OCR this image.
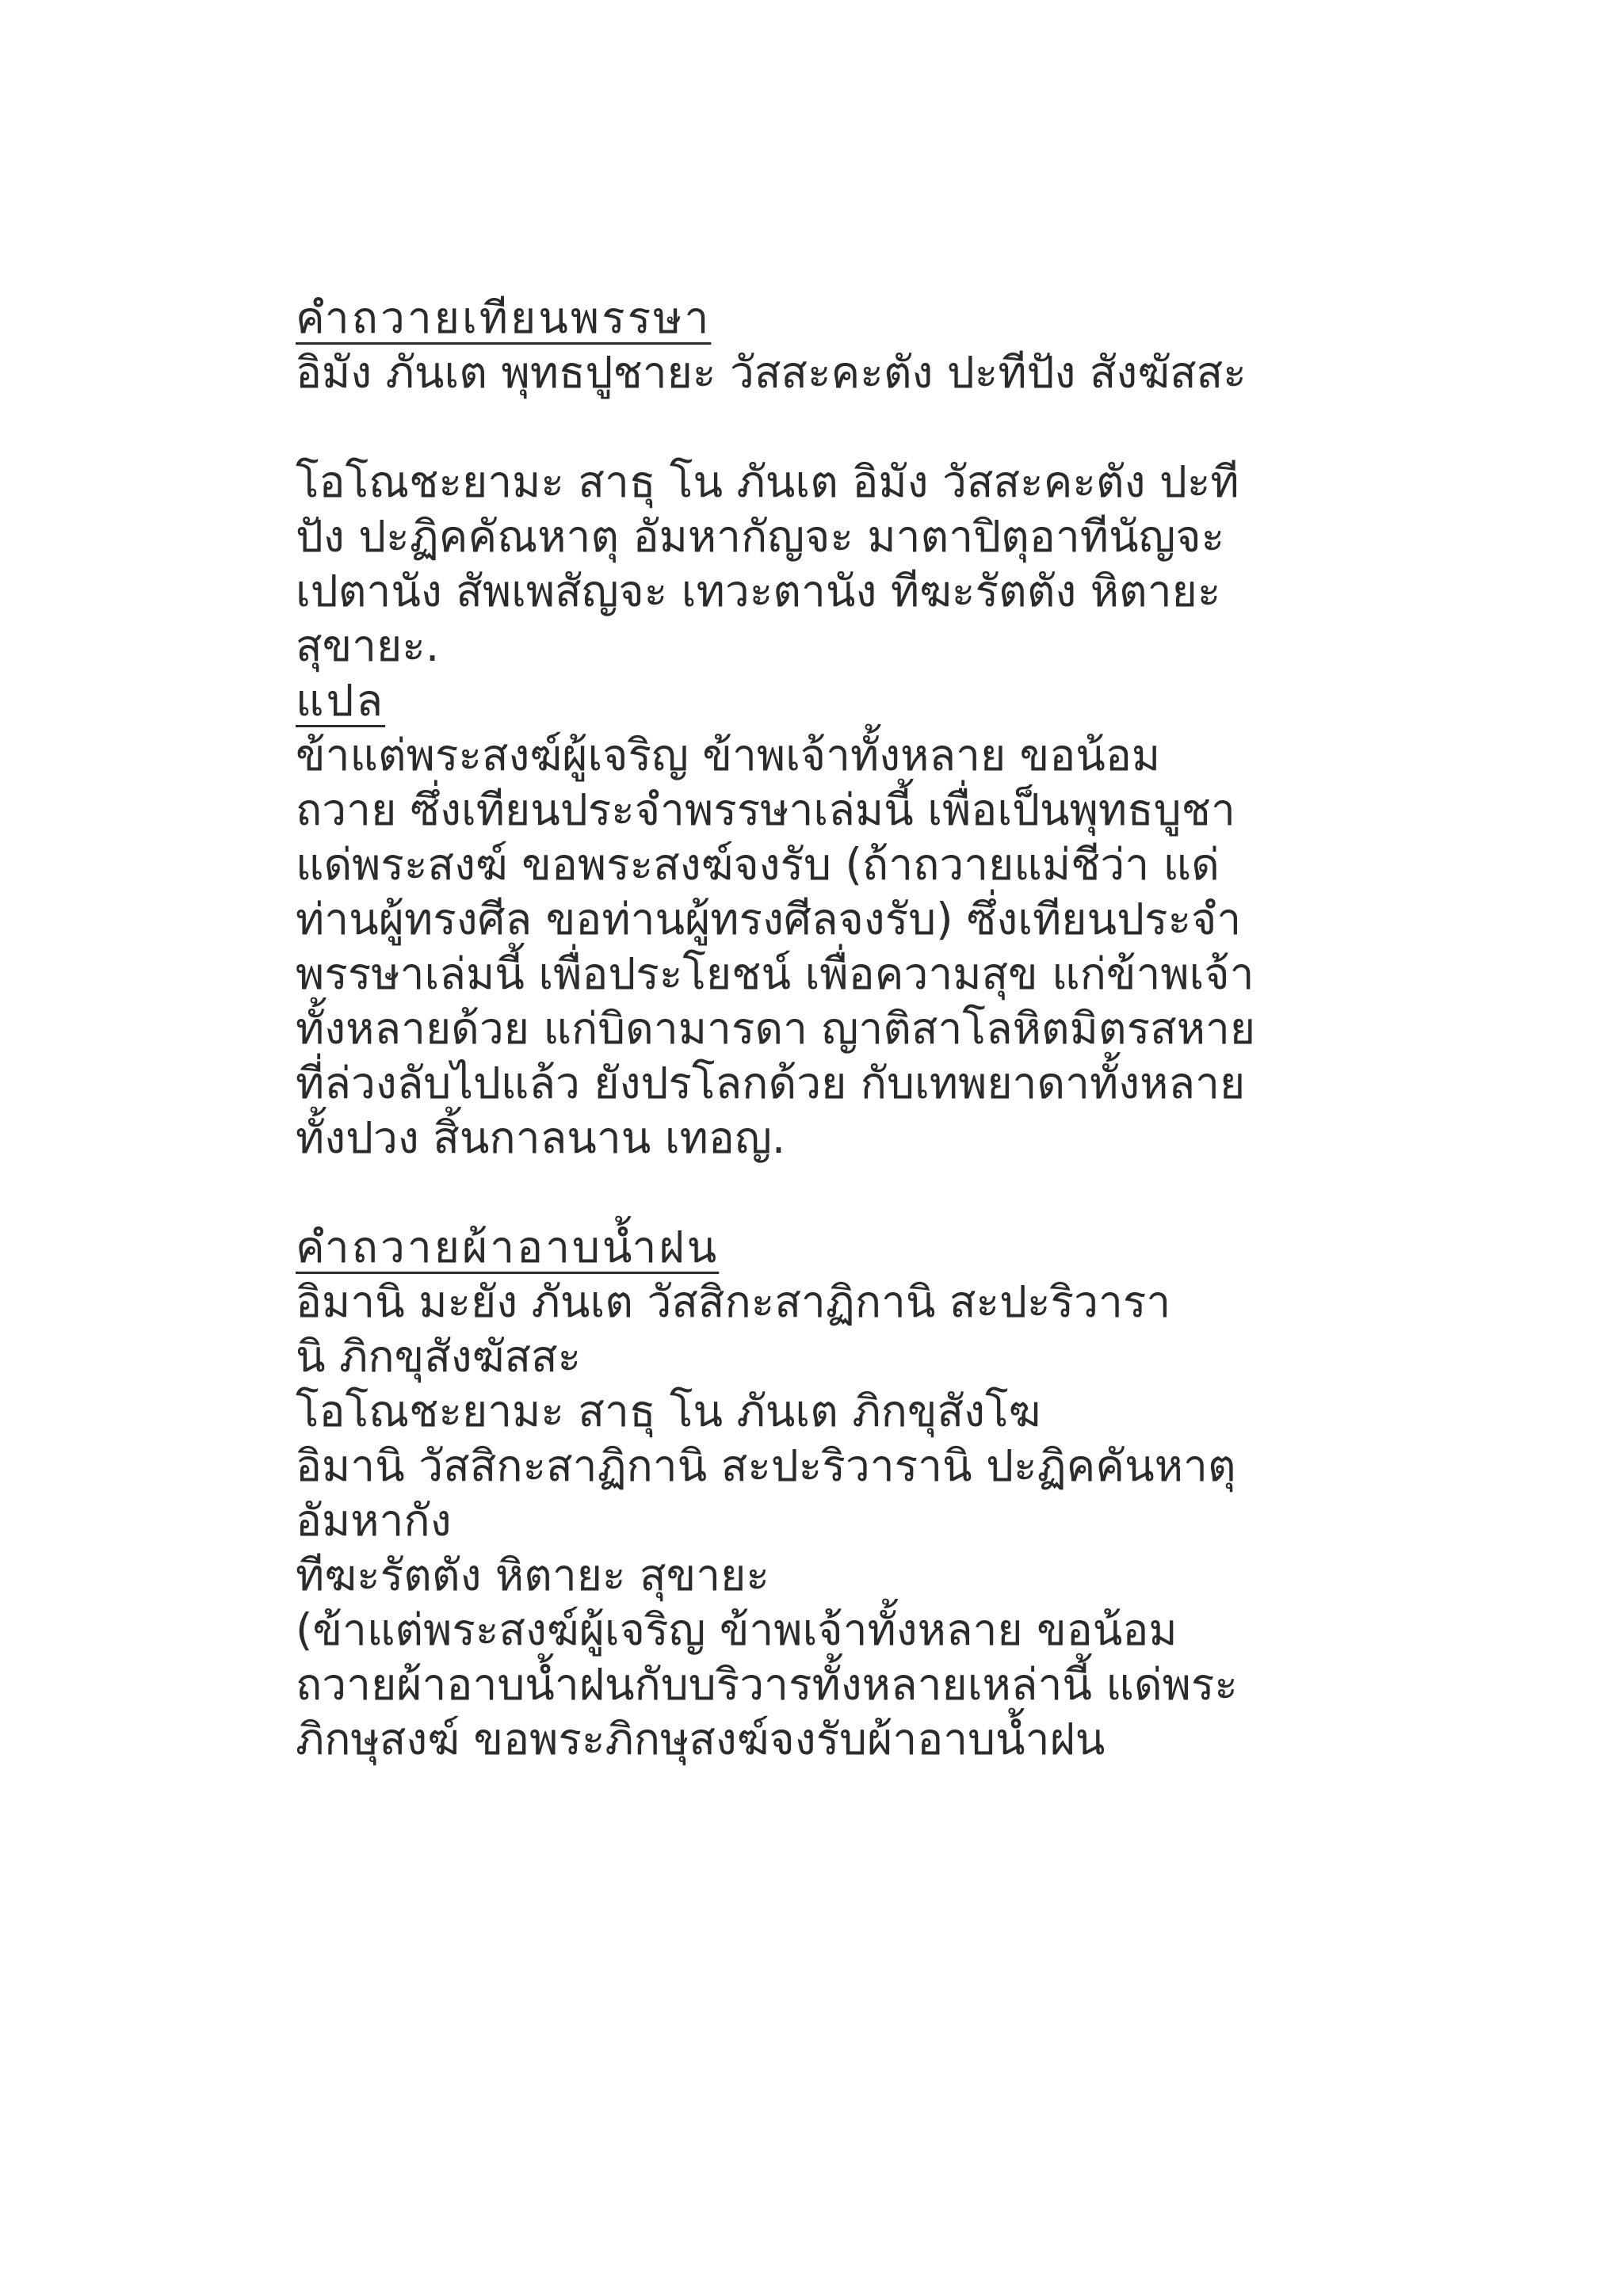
คำถวายเทียนพรรษา
อิมัง ภันเต พุทธปูชายะ วัสสะคะตัง ปะทีปัง สังฆัสสะ
โอโณชะยามะ สาธุ โน ภันเต อิมัง วัสสะคะตัง ปะที
ปัง ปะฏิคคัณหาตุ อัมหากัญจะ มาตาปิตุอาทีนัญจะ
เปตานัง สัพเพสัญจะ เทวะตานัง ทีฆะรัตตัง หิตายะ
สุขายะ.
แปล
ข้าแต่พระสงฆ์ผู้เจริญ ข้าพเจ้าทั้งหลาย ขอน้อม
ถวาย ซึ่งเทียนประจำพรรษาเล่มนี้ เพื่อเป็นพุทธบูชา
แด่พระสงฆ์ ขอพระสงฆ์จงรับ (ถ้าถวายแม่ชีว่า แด่
ท่านผู้ทรงศีล ขอท่านผู้ทรงศีลจงรับ) ซึ่งเทียนประจำ
พรรษาเล่มนี้ เพื่อประโยชน์ เพื่อความสุข แก่ข้าพเจ้า
ทั้งหลายด้วย แก่บิดามารดา ญาติสาโลหิตมิตรสหาย
ที่ล่วงลับไปแล้ว ยังปรโลกด้วย กับเทพยาดาทั้งหลาย
ทั้งปวง สิ้นกาลนาน เทอญ.
คำถวายผ้าอาบน้ำฝน
อิมานิ มะยัง ภันเต วัสสิกะสาฏิกานิ สะปะริวารา
นิ ภิกขุสังฆัสสะ
โอโณชะยามะ สาธุ โน ภันเต ภิกขุสังโฆ
อิมานิ วัสสิกะสาฏิกานิ สะปะริวารานิ ปะฏิคคันหาตุ
อัมหากัง
ทีฆะรัตตัง หิตายะ สุขายะ
(ข้าแต่พระสงฆ์ผู้เจริญ ข้าพเจ้าทั้งหลาย ขอน้อม
ถวายผ้าอาบน้ำฝนกับบริวารทั้งหลายเหล่านี้ แด่พระ
ภิกษุสงฆ์ ขอพระภิกษุสงฆ์จงรับผ้าอาบน้ำฝน
